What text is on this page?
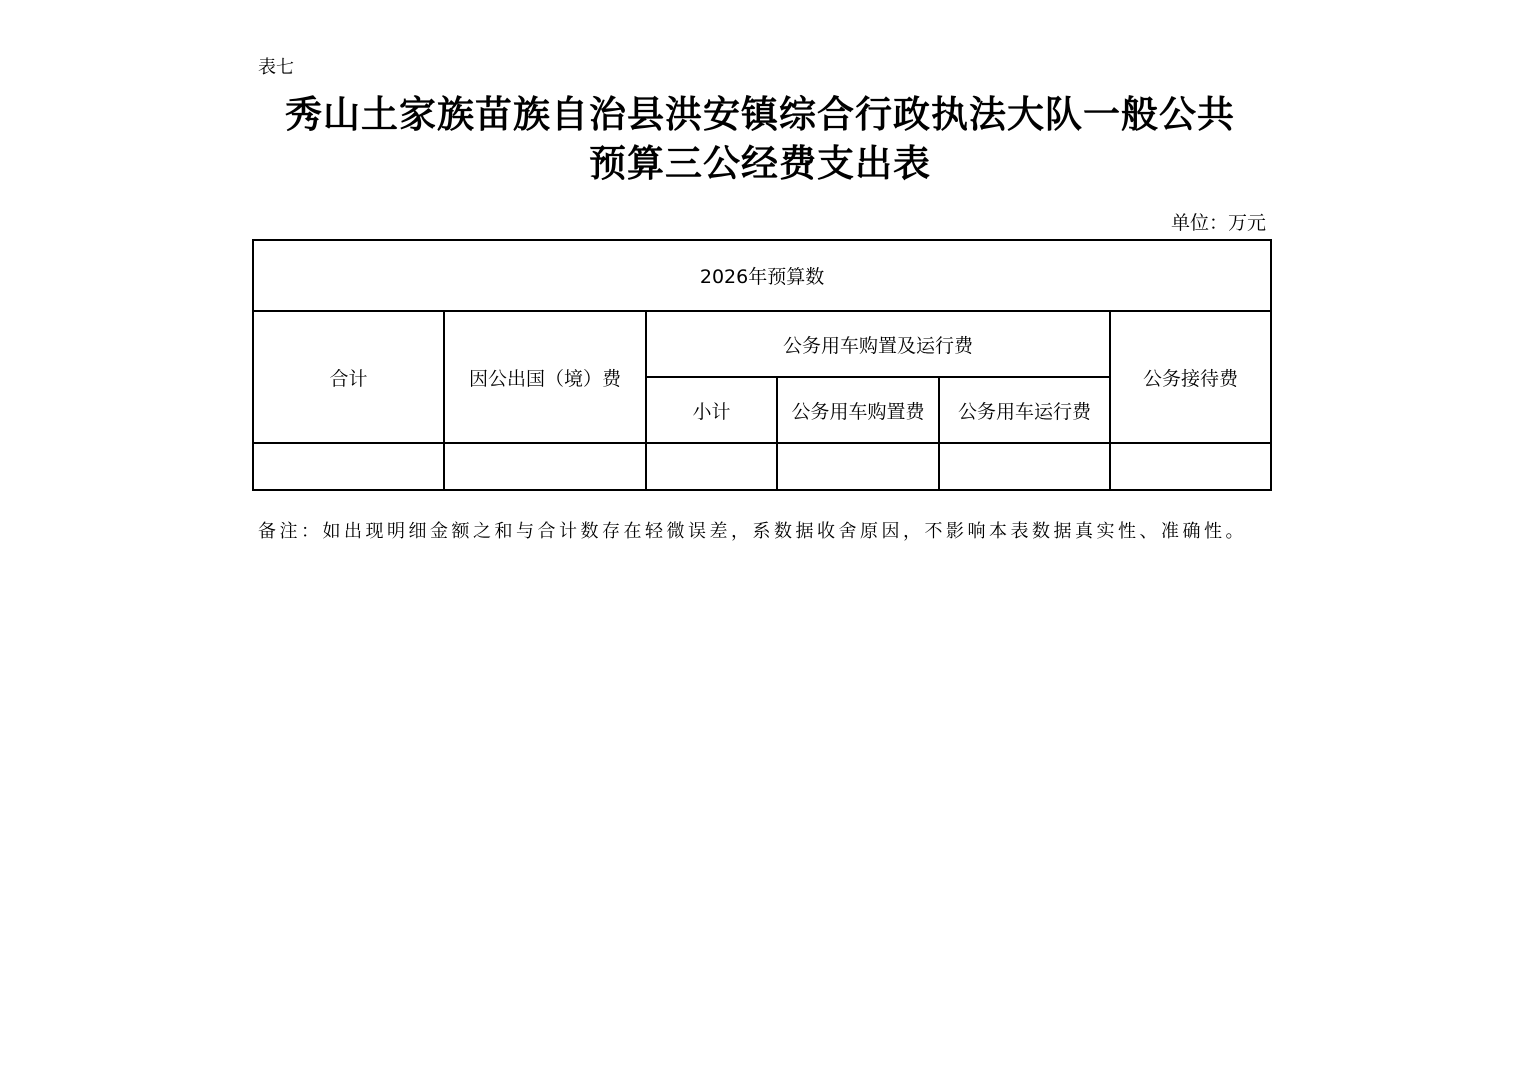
表七
秀山土家族苗族自治县洪安镇综合行政执法大队一般公共
预算三公经费支出表
单位：万元
2026年预算数					
合计	因公出国（境）费	公务用车购置及运行费			公务接待费
		小计	公务用车购置费	公务用车运行费	

备注：如出现明细金额之和与合计数存在轻微误差，系数据收舍原因，不影响本表数据真实性、准确性。
